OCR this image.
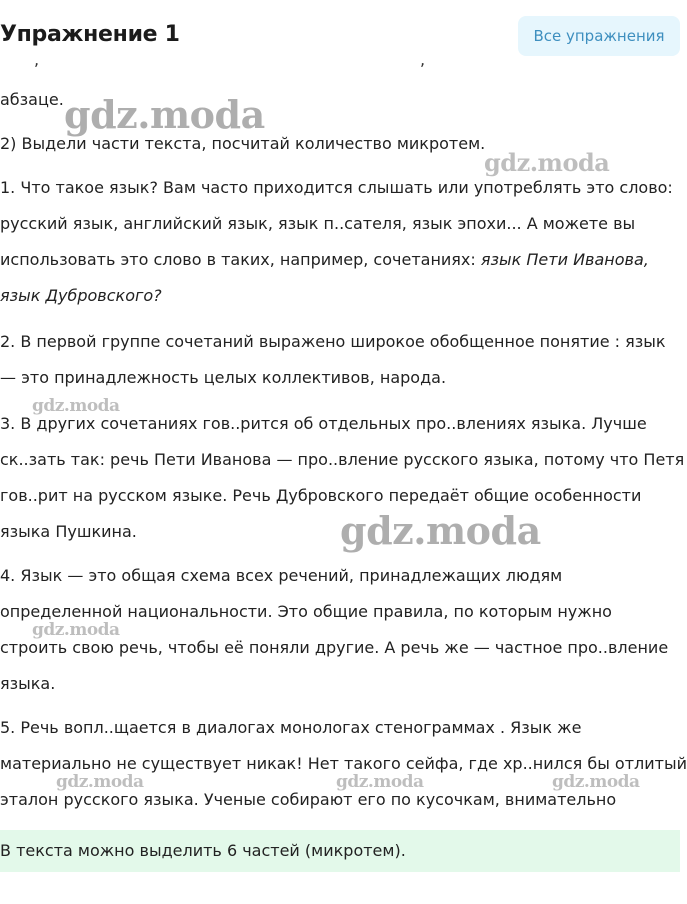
Упражнение 1	Все упражнения
,	,

абзаце.

2) Выдели части текста, посчитай количество микротем.

1. Что такое язык? Вам часто приходится слышать или употреблять это слово:

русский язык, английский язык, язык п..сателя, язык эпохи... А можете вы

использовать это слово в таких, например, сочетаниях: язык Пети Иванова,

язык Дубровского?

2. В первой группе сочетаний выражено широкое обобщенное понятие : язык

— это принадлежность целых коллективов, народа.

3. В других сочетаниях гов..рится об отдельных про..влениях языка. Лучше

ск..зать так: речь Пети Иванова — про..вление русского языка, потому что Петя

гов..рит на русском языке. Речь Дубровского передаёт общие особенности

языка Пушкина.

4. Язык — это общая схема всех речений, принадлежащих людям

определенной национальности. Это общие правила, по которым нужно

строить свою речь, чтобы её поняли другие. А речь же — частное про..вление

языка.

5. Речь вопл..щается в диалогах монологах стенограммах . Язык же

материально не существует никак! Нет такого сейфа, где хр..нился бы отлитый

эталон русского языка. Ученые собирают его по кусочкам, внимательно

gdz.moda
gdz.moda
gdz.moda
gdz.moda
gdz.moda
gdz.moda	gdz.moda	gdz.moda
В текста можно выделить 6 частей (микротем).
